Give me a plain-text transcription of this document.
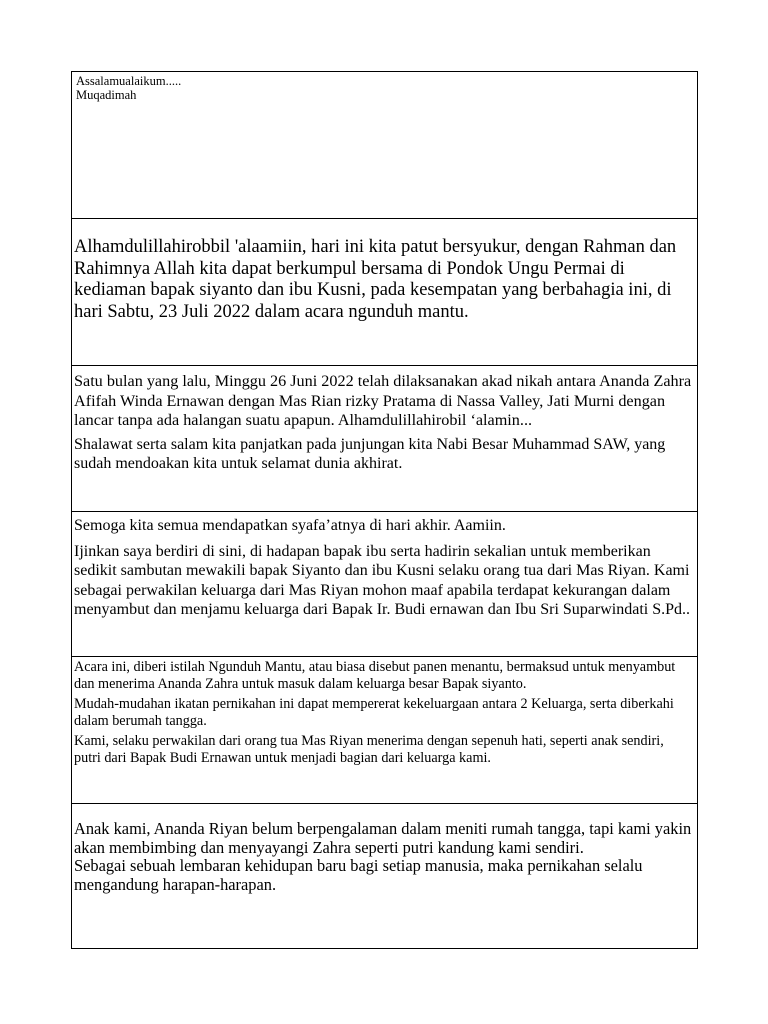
Assalamualaikum.....

Muqadimah

Alhamdulillahirobbil 'alaamiin, hari ini kita patut bersyukur, dengan Rahman dan Rahimnya Allah kita dapat berkumpul bersama di Pondok Ungu Permai di kediaman bapak siyanto dan ibu Kusni, pada kesempatan yang berbahagia ini, di hari Sabtu, 23 Juli 2022 dalam acara ngunduh mantu.

Satu bulan yang lalu, Minggu 26 Juni 2022 telah dilaksanakan akad nikah antara Ananda Zahra Afifah Winda Ernawan dengan Mas Rian rizky Pratama di Nassa Valley, Jati Murni dengan lancar tanpa ada halangan suatu apapun. Alhamdulillahirobil ‘alamin...

Shalawat serta salam kita panjatkan pada junjungan kita Nabi Besar Muhammad SAW, yang sudah mendoakan kita untuk selamat dunia akhirat.

Semoga kita semua mendapatkan syafa’atnya di hari akhir. Aamiin.

Ijinkan saya berdiri di sini, di hadapan bapak ibu serta hadirin sekalian untuk memberikan sedikit sambutan mewakili bapak Siyanto dan ibu Kusni selaku orang tua dari Mas Riyan. Kami sebagai perwakilan keluarga dari Mas Riyan mohon maaf apabila terdapat kekurangan dalam menyambut dan menjamu keluarga dari Bapak Ir. Budi ernawan dan Ibu Sri Suparwindati S.Pd..

Acara ini, diberi istilah Ngunduh Mantu, atau biasa disebut panen menantu, bermaksud untuk menyambut dan menerima Ananda Zahra untuk masuk dalam keluarga besar Bapak siyanto.

Mudah-mudahan ikatan pernikahan ini dapat mempererat kekeluargaan antara 2 Keluarga, serta diberkahi dalam berumah tangga.

Kami, selaku perwakilan dari orang tua Mas Riyan menerima dengan sepenuh hati, seperti anak sendiri, putri dari Bapak Budi Ernawan untuk menjadi bagian dari keluarga kami.

Anak kami, Ananda Riyan belum berpengalaman dalam meniti rumah tangga, tapi kami yakin akan membimbing dan menyayangi Zahra seperti putri kandung kami sendiri.

Sebagai sebuah lembaran kehidupan baru bagi setiap manusia, maka pernikahan selalu mengandung harapan-harapan.
